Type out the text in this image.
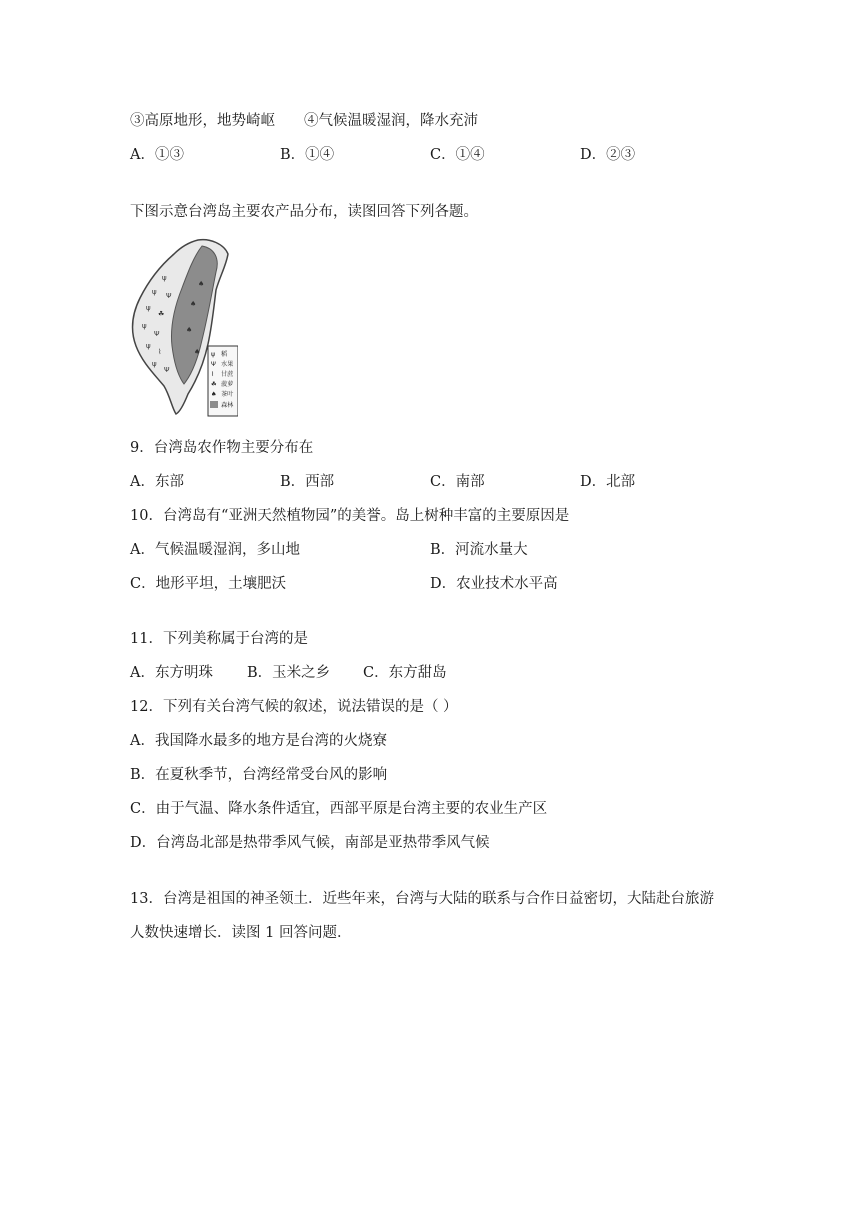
③高原地形，地势崎岖　　④气候温暖湿润，降水充沛
A．①③	B．①④	C．①④	D．②③
下图示意台湾岛主要农产品分布，读图回答下列各题。
ψ
ψ Ψ
ψ
☘
ψ
Ψ
ψ
⌇
ψ
Ψ
♠
♠
♠
♠ ψ 稻
Ψ 水果
⌇ 甘蔗
☘ 菠萝
♠ 茶叶
森林
9．台湾岛农作物主要分布在
A．东部	B．西部	C．南部	D．北部
10．台湾岛有“亚洲天然植物园”的美誉。岛上树种丰富的主要原因是
A．气候温暖湿润，多山地	B．河流水量大
C．地形平坦，土壤肥沃	D．农业技术水平高
11．下列美称属于台湾的是
A．东方明珠 B．玉米之乡 C．东方甜岛
12．下列有关台湾气候的叙述，说法错误的是（ ）
A．我国降水最多的地方是台湾的火烧寮
B．在夏秋季节，台湾经常受台风的影响
C．由于气温、降水条件适宜，西部平原是台湾主要的农业生产区
D．台湾岛北部是热带季风气候，南部是亚热带季风气候
13．台湾是祖国的神圣领土．近些年来，台湾与大陆的联系与合作日益密切，大陆赴台旅游
人数快速增长．读图 1 回答问题．
